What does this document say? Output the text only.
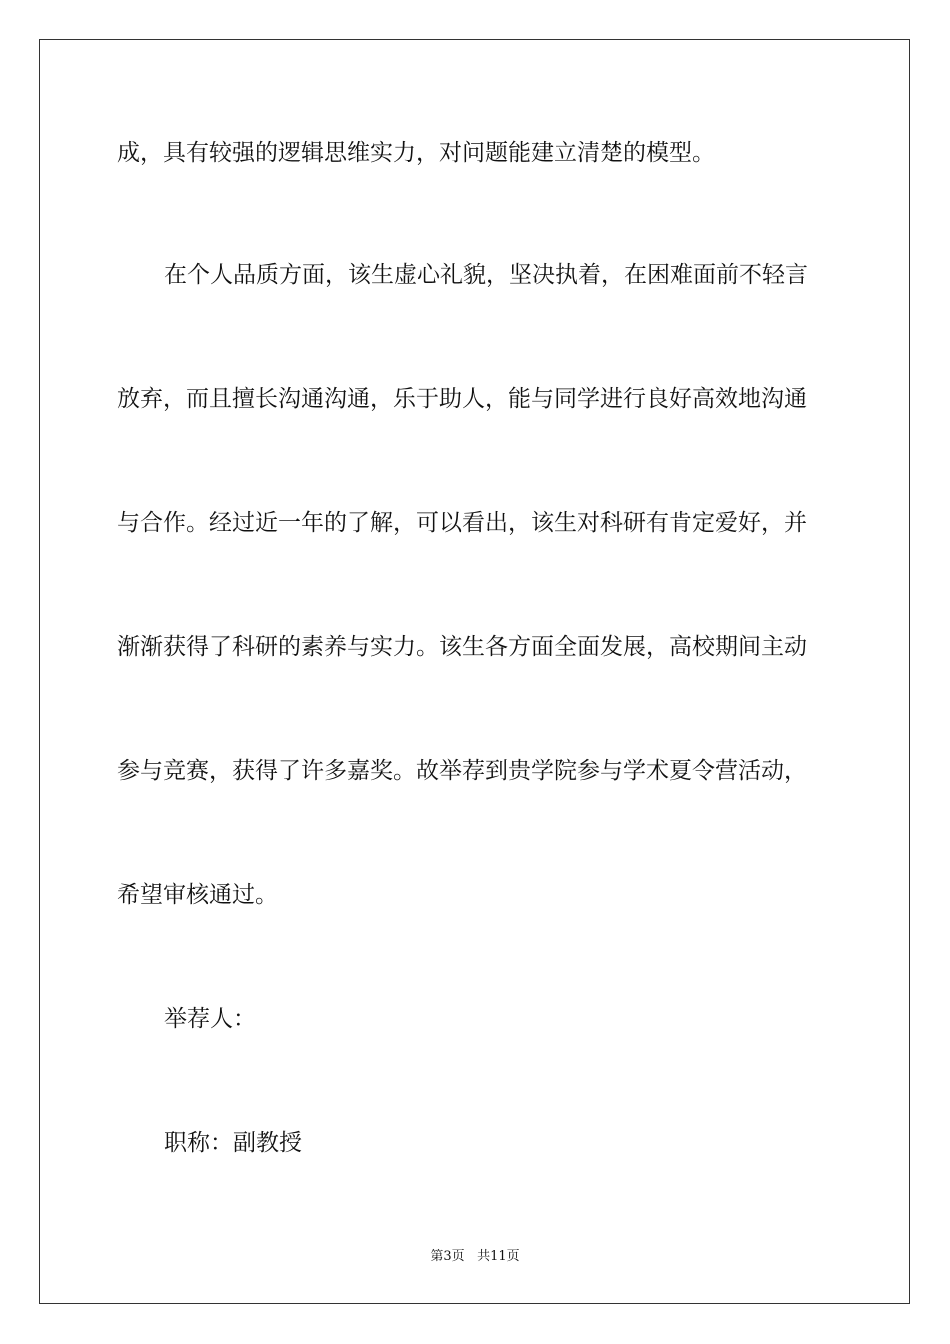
成，具有较强的逻辑思维实力，对问题能建立清楚的模型。
在个人品质方面，该生虚心礼貌，坚决执着，在困难面前不轻言
放弃，而且擅长沟通沟通，乐于助人，能与同学进行良好高效地沟通
与合作。经过近一年的了解，可以看出，该生对科研有肯定爱好，并
渐渐获得了科研的素养与实力。该生各方面全面发展，高校期间主动
参与竞赛，获得了许多嘉奖。故举荐到贵学院参与学术夏令营活动，
希望审核通过。
举荐人：
职称：副教授
第3页 共11页
